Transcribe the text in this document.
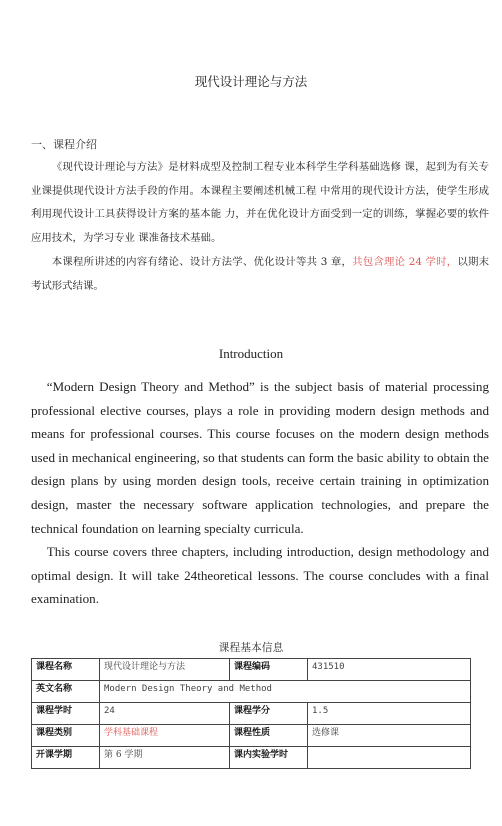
现代设计理论与方法
一、课程介绍
《现代设计理论与方法》是材料成型及控制工程专业本科学生学科基础选修 课，起到为有关专业课提供现代设计方法手段的作用。本课程主要阐述机械工程 中常用的现代设计方法，使学生形成利用现代设计工具获得设计方案的基本能 力，并在优化设计方面受到一定的训练，掌握必要的软件应用技术，为学习专业 课准备技术基础。
本课程所讲述的内容有绪论、设计方法学、优化设计等共 3 章，共包含理论 24 学时，以期末考试形式结课。
Introduction
“Modern Design Theory and Method” is the subject basis of material processing professional elective courses, plays a role in providing modern design methods and means for professional courses. This course focuses on the modern design methods used in mechanical engineering, so that students can form the basic ability to obtain the design plans by using morden design tools, receive certain training in optimization design, master the necessary software application technologies, and prepare the technical foundation on learning specialty curricula.
This course covers three chapters, including introduction, design methodology and optimal design. It will take 24theoretical lessons. The course concludes with a final examination.
课程基本信息
课程名称	现代设计理论与方法	课程编码	431510
英文名称	Modern Design Theory and Method		
课程学时	24	课程学分	1.5
课程类别	学科基础课程	课程性质	选修课
开课学期	第 6 学期	课内实验学时	
